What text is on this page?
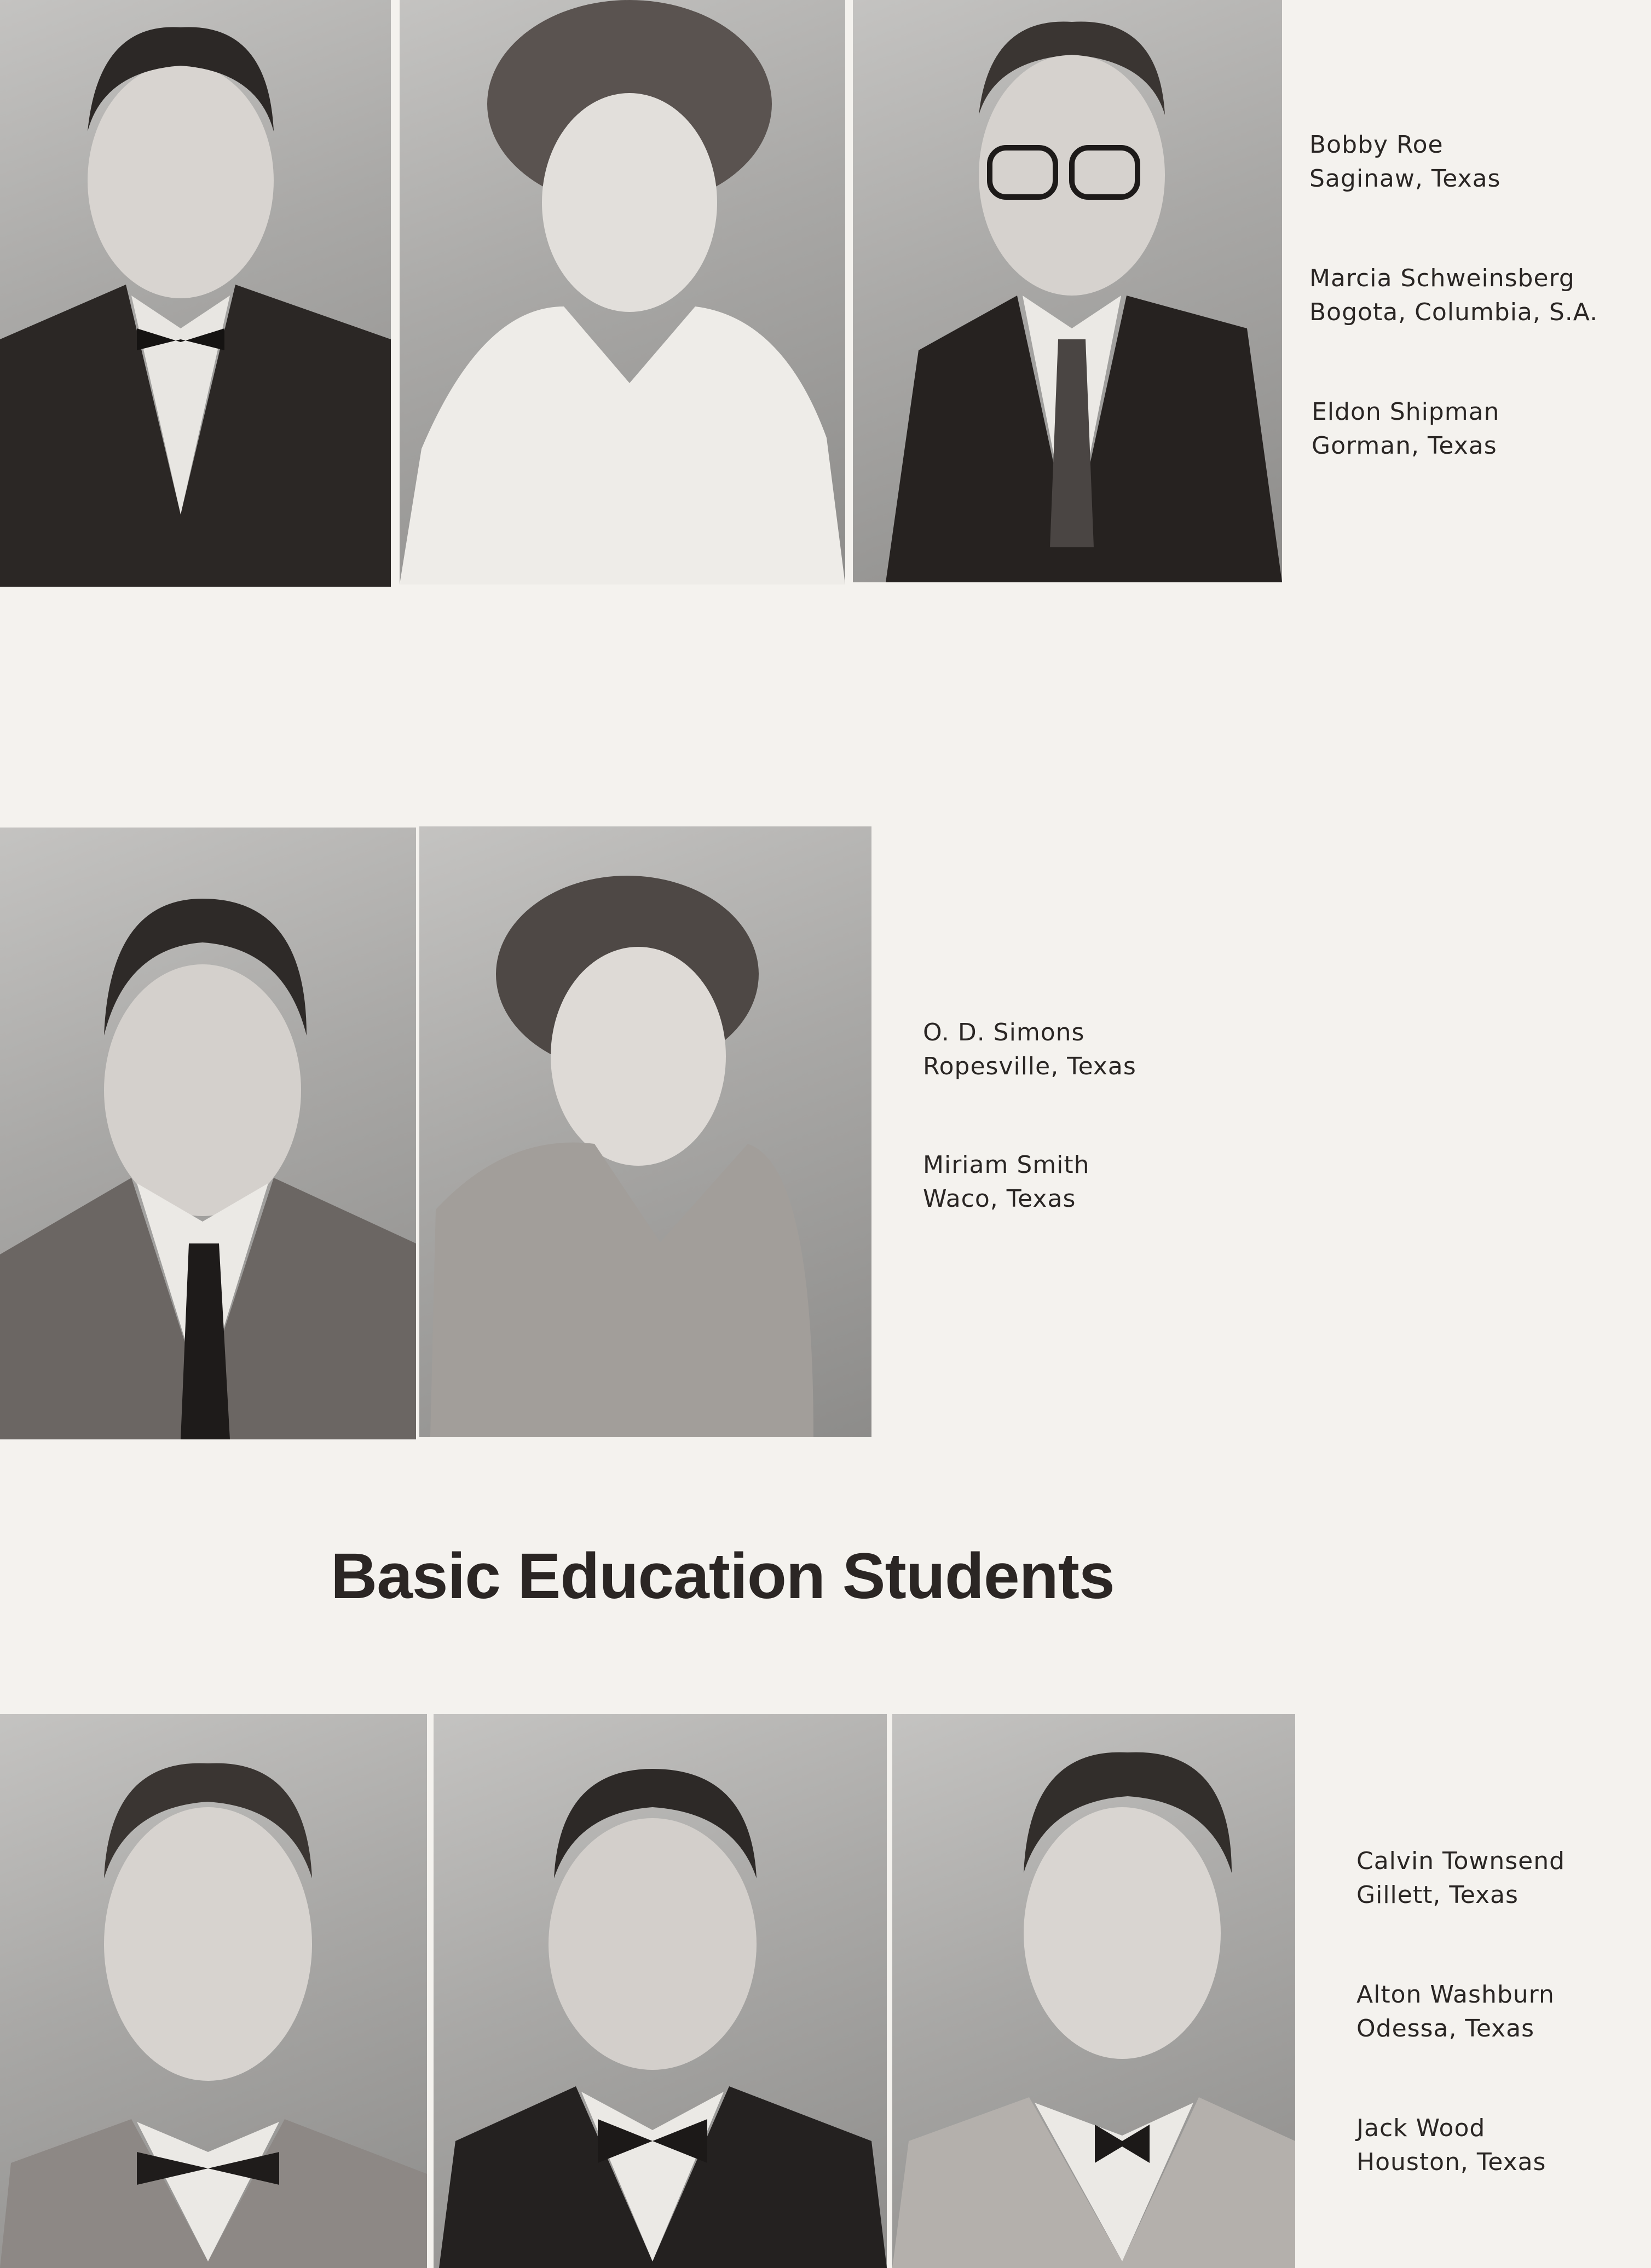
Bobby Roe
Saginaw, Texas
Marcia Schweinsberg
Bogota, Columbia, S.A.
Eldon Shipman
Gorman, Texas
O. D. Simons
Ropesville, Texas
Miriam Smith
Waco, Texas
Basic Education Students
Calvin Townsend
Gillett, Texas
Alton Washburn
Odessa, Texas
Jack Wood
Houston, Texas
